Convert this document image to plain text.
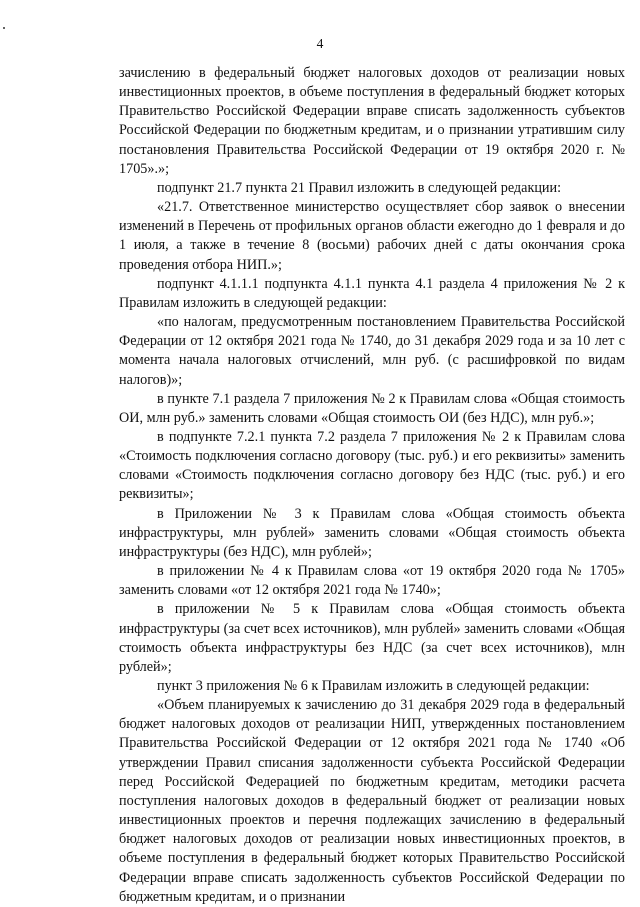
4

зачислению в федеральный бюджет налоговых доходов от реализации новых инвестиционных проектов, в объеме поступления в федеральный бюджет которых Правительство Российской Федерации вправе списать задолженность субъектов Российской Федерации по бюджетным кредитам, и о признании утратившим силу постановления Правительства Российской Федерации от 19 октября 2020 г. № 1705».»;

подпункт 21.7 пункта 21 Правил изложить в следующей редакции:

«21.7. Ответственное министерство осуществляет сбор заявок о внесении изменений в Перечень от профильных органов области ежегодно до 1 февраля и до 1 июля, а также в течение 8 (восьми) рабочих дней с даты окончания срока проведения отбора НИП.»;

подпункт 4.1.1.1 подпункта 4.1.1 пункта 4.1 раздела 4 приложения № 2 к Правилам изложить в следующей редакции:

«по налогам, предусмотренным постановлением Правительства Российской Федерации от 12 октября 2021 года № 1740, до 31 декабря 2029 года и за 10 лет с момента начала налоговых отчислений, млн руб. (с расшифровкой по видам налогов)»;

в пункте 7.1 раздела 7 приложения № 2 к Правилам слова «Общая стоимость ОИ, млн руб.» заменить словами «Общая стоимость ОИ (без НДС), млн руб.»;

в подпункте 7.2.1 пункта 7.2 раздела 7 приложения № 2 к Правилам слова «Стоимость подключения согласно договору (тыс. руб.) и его реквизиты» заменить словами «Стоимость подключения согласно договору без НДС (тыс. руб.) и его реквизиты»;

в Приложении № 3 к Правилам слова «Общая стоимость объекта инфраструктуры, млн рублей» заменить словами «Общая стоимость объекта инфраструктуры (без НДС), млн рублей»;

в приложении № 4 к Правилам слова «от 19 октября 2020 года № 1705» заменить словами «от 12 октября 2021 года № 1740»;

в приложении № 5 к Правилам слова «Общая стоимость объекта инфраструктуры (за счет всех источников), млн рублей» заменить словами «Общая стоимость объекта инфраструктуры без НДС (за счет всех источников), млн рублей»;

пункт 3 приложения № 6 к Правилам изложить в следующей редакции:

«Объем планируемых к зачислению до 31 декабря 2029 года в федеральный бюджет налоговых доходов от реализации НИП, утвержденных постановлением Правительства Российской Федерации от 12 октября 2021 года № 1740 «Об утверждении Правил списания задолженности субъекта Российской Федерации перед Российской Федерацией по бюджетным кредитам, методики расчета поступления налоговых доходов в федеральный бюджет от реализации новых инвестиционных проектов и перечня подлежащих зачислению в федеральный бюджет налоговых доходов от реализации новых инвестиционных проектов, в объеме поступления в федеральный бюджет которых Правительство Российской Федерации вправе списать задолженность субъектов Российской Федерации по бюджетным кредитам, и о признании
